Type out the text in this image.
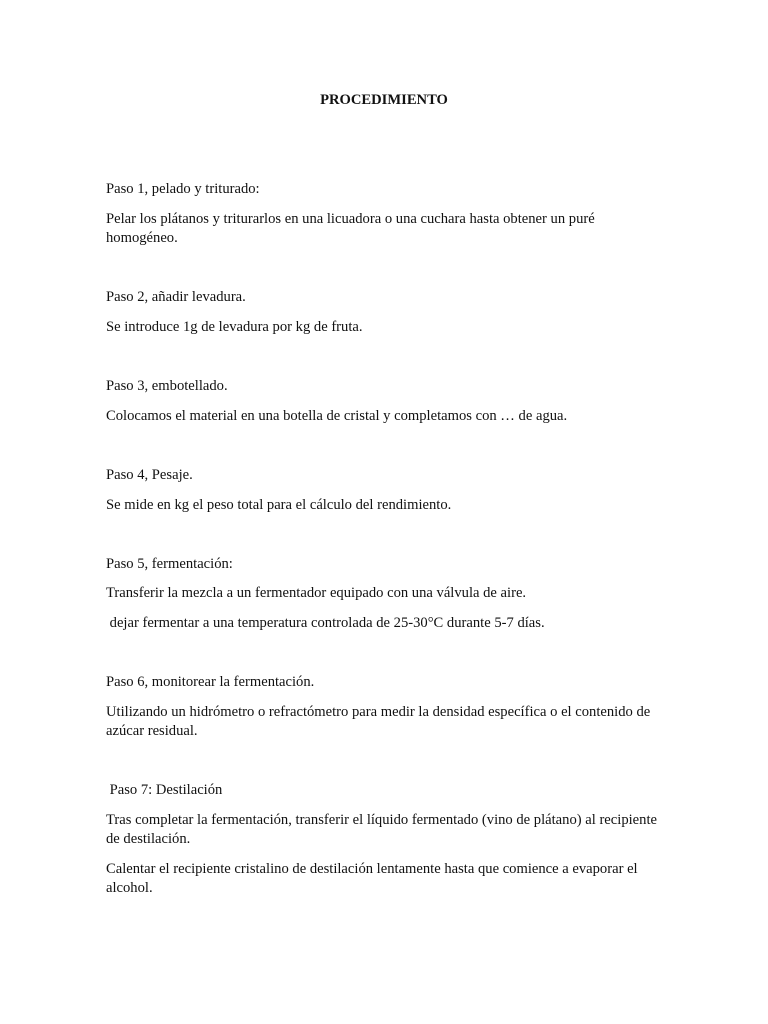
PROCEDIMIENTO

Paso 1, pelado y triturado:

Pelar los plátanos y triturarlos en una licuadora o una cuchara hasta obtener un puré homogéneo.

Paso 2, añadir levadura.

Se introduce 1g de levadura por kg de fruta.

Paso 3, embotellado.

Colocamos el material en una botella de cristal y completamos con … de agua.

Paso 4, Pesaje.

Se mide en kg el peso total para el cálculo del rendimiento.

Paso 5, fermentación:

Transferir la mezcla a un fermentador equipado con una válvula de aire.

dejar fermentar a una temperatura controlada de 25-30°C durante 5-7 días.

Paso 6, monitorear la fermentación.

Utilizando un hidrómetro o refractómetro para medir la densidad específica o el contenido de azúcar residual.

Paso 7: Destilación

Tras completar la fermentación, transferir el líquido fermentado (vino de plátano) al recipiente de destilación.

Calentar el recipiente cristalino de destilación lentamente hasta que comience a evaporar el alcohol.
